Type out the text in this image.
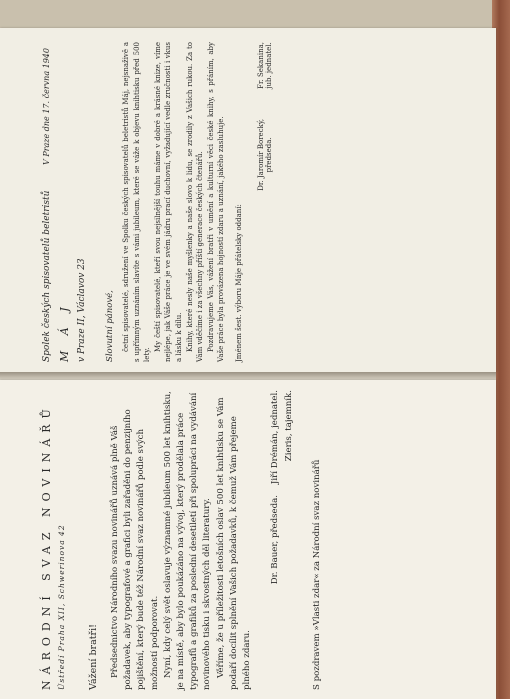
V Praze dne 17. června 1940
Spolek českých spisovatelů beletristů M Á J v Praze II, Václavov 23 Slovutní pánové, četní spisovatelé, sdružení ve Spolku českých spisovatelů beletristů Máj, nejsnaživě a s upřímným uznáním slavíte s vámi jubileum, které se váže k objevu knihtisku před 500 lety.

My čeští spisovatelé, kteří svou nejsilnější touhu máme v dobré a krásné knize, víme nejlépe, jak Váše práce je ve svém jádru prací duchovní, vyžadující vedle zručnosti i vkus a lásku k dílu. Knihy, které nesly naše myšlenky a naše slovo k lidu, se zrodily z Vašich rukou. Za to Vám vděčíme i za všechny příští generace českých čtenářů. Pozdravujeme Vás, vážení bratři v umění a kulturní věci české knihy, s přáním, aby Vaše práce byla provázena hojností zdaru a uznání, jakého zasluhuje. Jménem šest. výboru Máje přátelsky oddaní:
Dr. Jaromír Borecký, předseda.
Fr. Sekanina, jub. jednatel.
NÁRODNÍ SVAZ NOVINÁŘŮ Ústředí Praha XII, Schwerinova 42 Vážení bratři! Předsednictvo Národního svazu novinářů uznává plně Váš požadavek, aby typografové a grafici byli zařaděni do penzijního pojištění, který bude též Národní svaz novinářů podle svých možností podporovat. Nyní, kdy celý svět oslavuje významné jubileum 500 let knihtisku, je na místě, aby bylo poukázáno na vývoj, který prodělala práce typografů a grafiků za poslední desetiletí při spolupráci na vydávání novinového tisku i skvostných děl literatury. Věříme, že u příležitosti letošních oslav 500 let knihtisku se Vám podaří docílit splnění Vašich požadavků, k čemuž Vám přejeme plného zdaru.

Dr. Bauer, předseda.    Jiří Drémán, jednatel. Zieris, tajemník.
S pozdravem »Vlasti zdar« za Národní svaz novinářů
